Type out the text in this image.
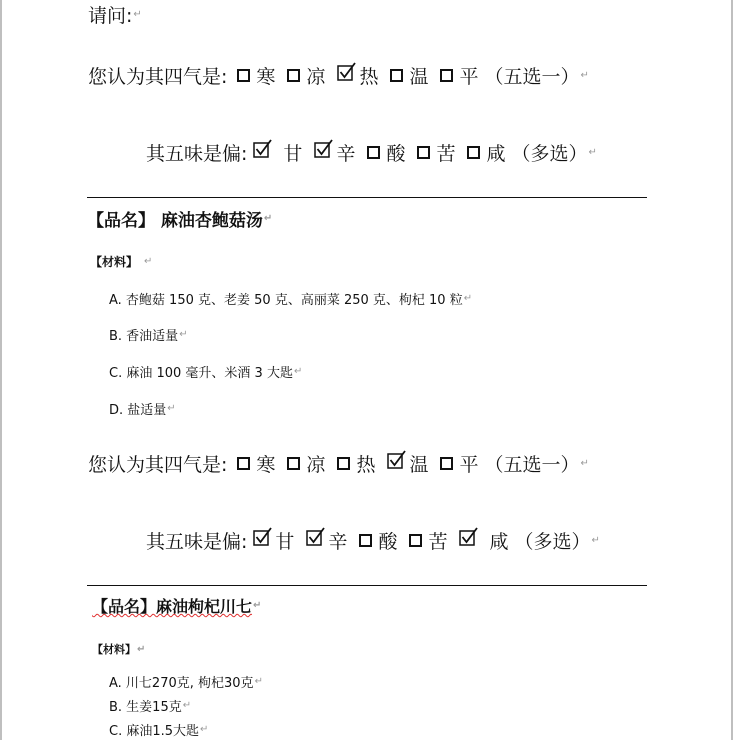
请问: ↵
您认为其四气是: 寒 凉 热 温 平 （五选一） ↵
其五味是偏: 甘 辛 酸 苦 咸 （多选） ↵
【品名】 麻油杏鲍菇汤 ↵
【材料】 ↵
A. 杏鲍菇 150 克、老姜 50 克、高丽菜 250 克、枸杞 10 粒 ↵
B. 香油适量 ↵
C. 麻油 100 毫升、米酒 3 大匙 ↵
D. 盐适量 ↵
您认为其四气是: 寒 凉 热 温 平 （五选一） ↵
其五味是偏: 甘 辛 酸 苦 咸 （多选） ↵
【品名】麻油枸杞川七 ↵
【材料】 ↵
A. 川七270克, 枸杞30克 ↵
B. 生姜15克 ↵
C. 麻油1.5大匙 ↵
